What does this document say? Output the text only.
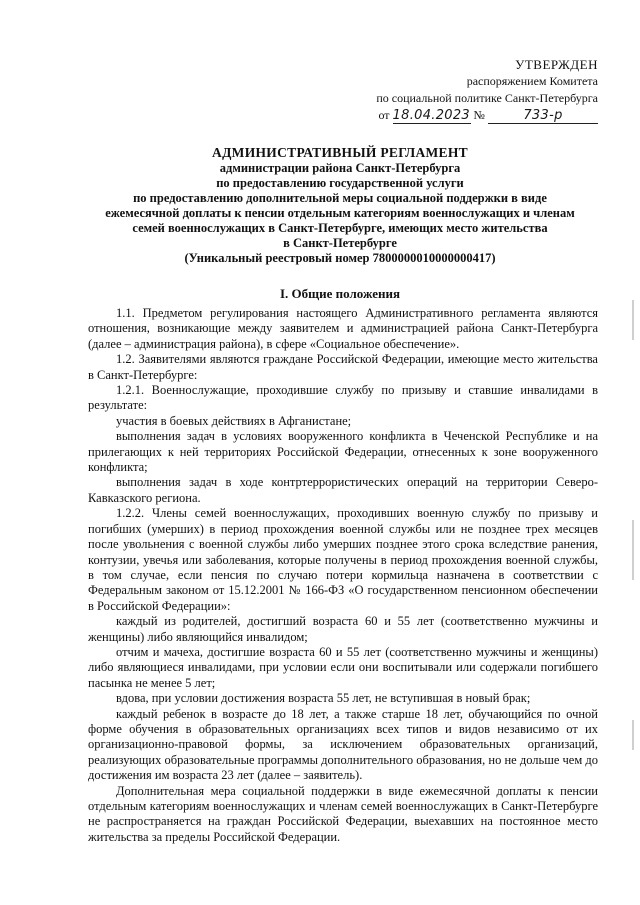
УТВЕРЖДЕН
распоряжением Комитета
по социальной политике Санкт-Петербурга
от 18.04.2023 №	733-р
АДМИНИСТРАТИВНЫЙ РЕГЛАМЕНТ
администрации района Санкт-Петербурга
по предоставлению государственной услуги
по предоставлению дополнительной меры социальной поддержки в виде
ежемесячной доплаты к пенсии отдельным категориям военнослужащих и членам
семей военнослужащих в Санкт-Петербурге, имеющих место жительства
в Санкт-Петербурге
(Уникальный реестровый номер 7800000010000000417)
I. Общие положения

1.1. Предметом регулирования настоящего Административного регламента являются отношения, возникающие между заявителем и администрацией района Санкт-Петербурга (далее – администрация района), в сфере «Социальное обеспечение».

1.2. Заявителями являются граждане Российской Федерации, имеющие место жительства в Санкт-Петербурге:

1.2.1. Военнослужащие, проходившие службу по призыву и ставшие инвалидами в результате:

участия в боевых действиях в Афганистане;

выполнения задач в условиях вооруженного конфликта в Чеченской Республике и на прилегающих к ней территориях Российской Федерации, отнесенных к зоне вооруженного конфликта;

выполнения задач в ходе контртеррористических операций на территории Северо-Кавказского региона.

1.2.2. Члены семей военнослужащих, проходивших военную службу по призыву и погибших (умерших) в период прохождения военной службы или не позднее трех месяцев после увольнения с военной службы либо умерших позднее этого срока вследствие ранения, контузии, увечья или заболевания, которые получены в период прохождения военной службы, в том случае, если пенсия по случаю потери кормильца назначена в соответствии с Федеральным законом от 15.12.2001 № 166-ФЗ «О государственном пенсионном обеспечении в Российской Федерации»:

каждый из родителей, достигший возраста 60 и 55 лет (соответственно мужчины и женщины) либо являющийся инвалидом;

отчим и мачеха, достигшие возраста 60 и 55 лет (соответственно мужчины и женщины) либо являющиеся инвалидами, при условии если они воспитывали или содержали погибшего пасынка не менее 5 лет;

вдова, при условии достижения возраста 55 лет, не вступившая в новый брак;

каждый ребенок в возрасте до 18 лет, а также старше 18 лет, обучающийся по очной форме обучения в образовательных организациях всех типов и видов независимо от их организационно-правовой формы, за исключением образовательных организаций, реализующих образовательные программы дополнительного образования, но не дольше чем до достижения им возраста 23 лет (далее – заявитель).

Дополнительная мера социальной поддержки в виде ежемесячной доплаты к пенсии отдельным категориям военнослужащих и членам семей военнослужащих в Санкт-Петербурге не распространяется на граждан Российской Федерации, выехавших на постоянное место жительства за пределы Российской Федерации.
